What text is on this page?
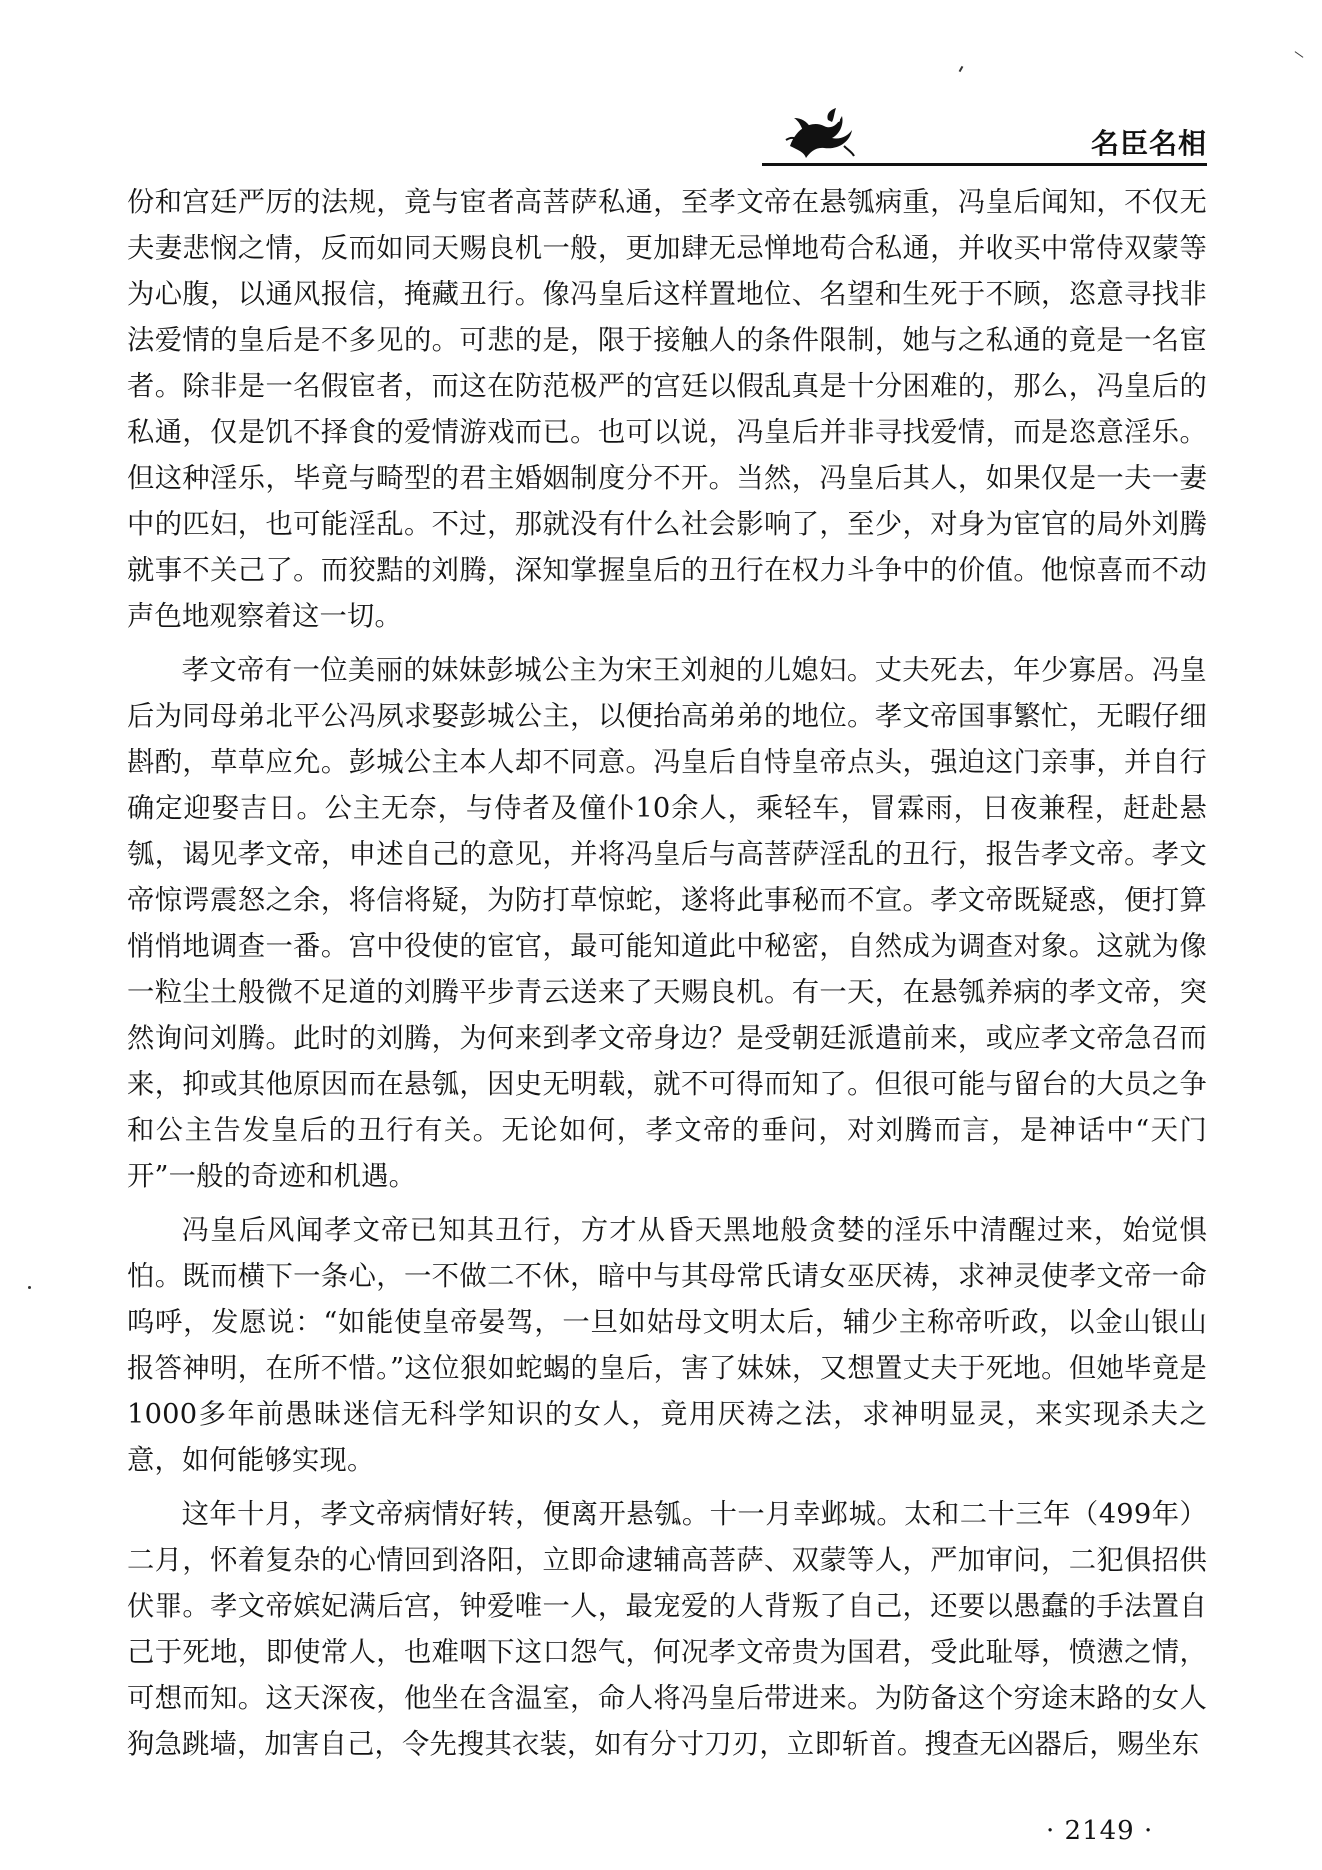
名臣名相

份和宫廷严厉的法规，竟与宦者高菩萨私通，至孝文帝在悬瓠病重，冯皇后闻知，不仅无夫妻悲悯之情，反而如同天赐良机一般，更加肆无忌惮地苟合私通，并收买中常侍双蒙等为心腹，以通风报信，掩藏丑行。像冯皇后这样置地位、名望和生死于不顾，恣意寻找非法爱情的皇后是不多见的。可悲的是，限于接触人的条件限制，她与之私通的竟是一名宦者。除非是一名假宦者，而这在防范极严的宫廷以假乱真是十分困难的，那么，冯皇后的私通，仅是饥不择食的爱情游戏而已。也可以说，冯皇后并非寻找爱情，而是恣意淫乐。但这种淫乐，毕竟与畸型的君主婚姻制度分不开。当然，冯皇后其人，如果仅是一夫一妻中的匹妇，也可能淫乱。不过，那就没有什么社会影响了，至少，对身为宦官的局外刘腾就事不关己了。而狡黠的刘腾，深知掌握皇后的丑行在权力斗争中的价值。他惊喜而不动声色地观察着这一切。

孝文帝有一位美丽的妹妹彭城公主为宋王刘昶的儿媳妇。丈夫死去，年少寡居。冯皇后为同母弟北平公冯夙求娶彭城公主，以便抬高弟弟的地位。孝文帝国事繁忙，无暇仔细斟酌，草草应允。彭城公主本人却不同意。冯皇后自恃皇帝点头，强迫这门亲事，并自行确定迎娶吉日。公主无奈，与侍者及僮仆10余人，乘轻车，冒霖雨，日夜兼程，赶赴悬瓠，谒见孝文帝，申述自己的意见，并将冯皇后与高菩萨淫乱的丑行，报告孝文帝。孝文帝惊谔震怒之余，将信将疑，为防打草惊蛇，遂将此事秘而不宣。孝文帝既疑惑，便打算悄悄地调查一番。宫中役使的宦官，最可能知道此中秘密，自然成为调查对象。这就为像一粒尘土般微不足道的刘腾平步青云送来了天赐良机。有一天，在悬瓠养病的孝文帝，突然询问刘腾。此时的刘腾，为何来到孝文帝身边？是受朝廷派遣前来，或应孝文帝急召而来，抑或其他原因而在悬瓠，因史无明载，就不可得而知了。但很可能与留台的大员之争和公主告发皇后的丑行有关。无论如何，孝文帝的垂问，对刘腾而言，是神话中“天门开”一般的奇迹和机遇。

冯皇后风闻孝文帝已知其丑行，方才从昏天黑地般贪婪的淫乐中清醒过来，始觉惧怕。既而横下一条心，一不做二不休，暗中与其母常氏请女巫厌祷，求神灵使孝文帝一命呜呼，发愿说：“如能使皇帝晏驾，一旦如姑母文明太后，辅少主称帝听政，以金山银山报答神明，在所不惜。”这位狠如蛇蝎的皇后，害了妹妹，又想置丈夫于死地。但她毕竟是1000多年前愚昧迷信无科学知识的女人，竟用厌祷之法，求神明显灵，来实现杀夫之意，如何能够实现。

这年十月，孝文帝病情好转，便离开悬瓠。十一月幸邺城。太和二十三年（499年）二月，怀着复杂的心情回到洛阳，立即命逮辅高菩萨、双蒙等人，严加审问，二犯俱招供伏罪。孝文帝嫔妃满后宫，钟爱唯一人，最宠爱的人背叛了自己，还要以愚蠢的手法置自己于死地，即使常人，也难咽下这口怨气，何况孝文帝贵为国君，受此耻辱，愤懑之情，可想而知。这天深夜，他坐在含温室，命人将冯皇后带进来。为防备这个穷途末路的女人狗急跳墙，加害自己，令先搜其衣装，如有分寸刀刃，立即斩首。搜查无凶器后，赐坐东

· 2149 ·
